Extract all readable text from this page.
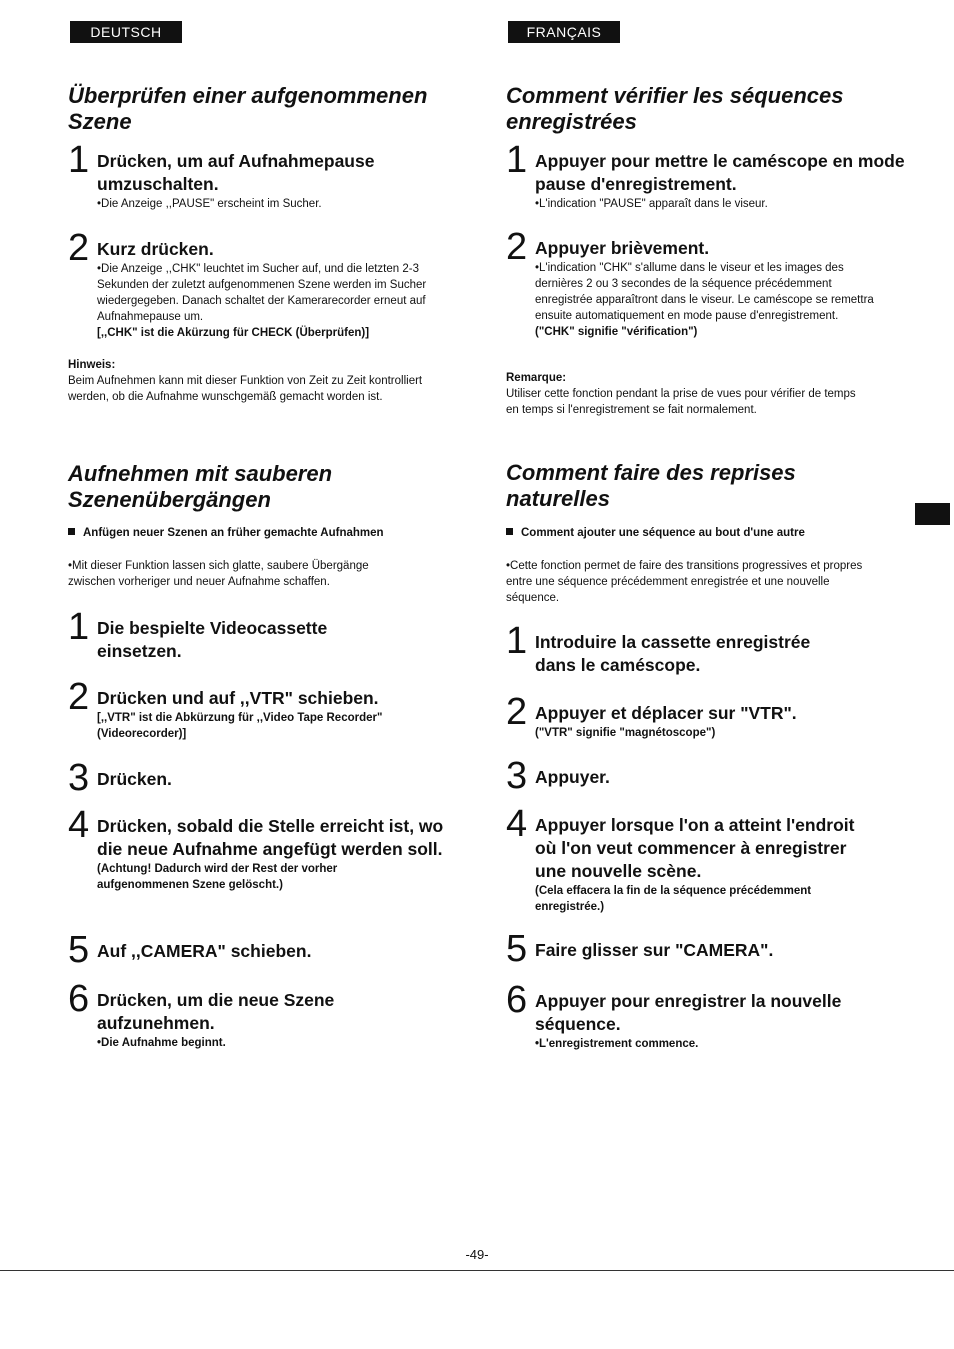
DEUTSCH
Überprüfen einer aufgenommenen Szene
1 Drücken, um auf Aufnahmepause umzuschalten.
•Die Anzeige ,,PAUSE" erscheint im Sucher.
2 Kurz drücken.
•Die Anzeige ,,CHK" leuchtet im Sucher auf, und die letzten 2-3 Sekunden der zuletzt aufgenommenen Szene werden im Sucher wiedergegeben. Danach schaltet der Kamerarecorder erneut auf Aufnahmepause um.
[,,CHK" ist die Akürzung für CHECK (Überprüfen)]
Hinweis:
Beim Aufnehmen kann mit dieser Funktion von Zeit zu Zeit kontrolliert werden, ob die Aufnahme wunschgemäß gemacht worden ist.
Aufnehmen mit sauberen Szenenübergängen
Anfügen neuer Szenen an früher gemachte Aufnahmen
•Mit dieser Funktion lassen sich glatte, saubere Übergänge zwischen vorheriger und neuer Aufnahme schaffen.
1 Die bespielte Videocassette einsetzen.
2 Drücken und auf ,,VTR" schieben.
[,,VTR" ist die Abkürzung für ,,Video Tape Recorder" (Videorecorder)]
3 Drücken.
4 Drücken, sobald die Stelle erreicht ist, wo die neue Aufnahme angefügt werden soll.
(Achtung! Dadurch wird der Rest der vorher aufgenommenen Szene gelöscht.)
5 Auf ,,CAMERA" schieben.
6 Drücken, um die neue Szene aufzunehmen.
•Die Aufnahme beginnt.
FRANÇAIS
Comment vérifier les séquences enregistrées
1 Appuyer pour mettre le caméscope en mode pause d'enregistrement.
•L'indication "PAUSE" apparaît dans le viseur.
2 Appuyer brièvement.
•L'indication "CHK" s'allume dans le viseur et les images des dernières 2 ou 3 secondes de la séquence précédemment enregistrée apparaîtront dans le viseur. Le caméscope se remettra ensuite automatiquement en mode pause d'enregistrement.
("CHK" signifie "vérification")
Remarque:
Utiliser cette fonction pendant la prise de vues pour vérifier de temps en temps si l'enregistrement se fait normalement.
Comment faire des reprises naturelles
Comment ajouter une séquence au bout d'une autre
•Cette fonction permet de faire des transitions progressives et propres entre une séquence précédemment enregistrée et une nouvelle séquence.
1 Introduire la cassette enregistrée dans le caméscope.
2 Appuyer et déplacer sur "VTR".
("VTR" signifie "magnétoscope")
3 Appuyer.
4 Appuyer lorsque l'on a atteint l'endroit où l'on veut commencer à enregistrer une nouvelle scène.
(Cela effacera la fin de la séquence précédemment enregistrée.)
5 Faire glisser sur "CAMERA".
6 Appuyer pour enregistrer la nouvelle séquence.
•L'enregistrement commence.
-49-
